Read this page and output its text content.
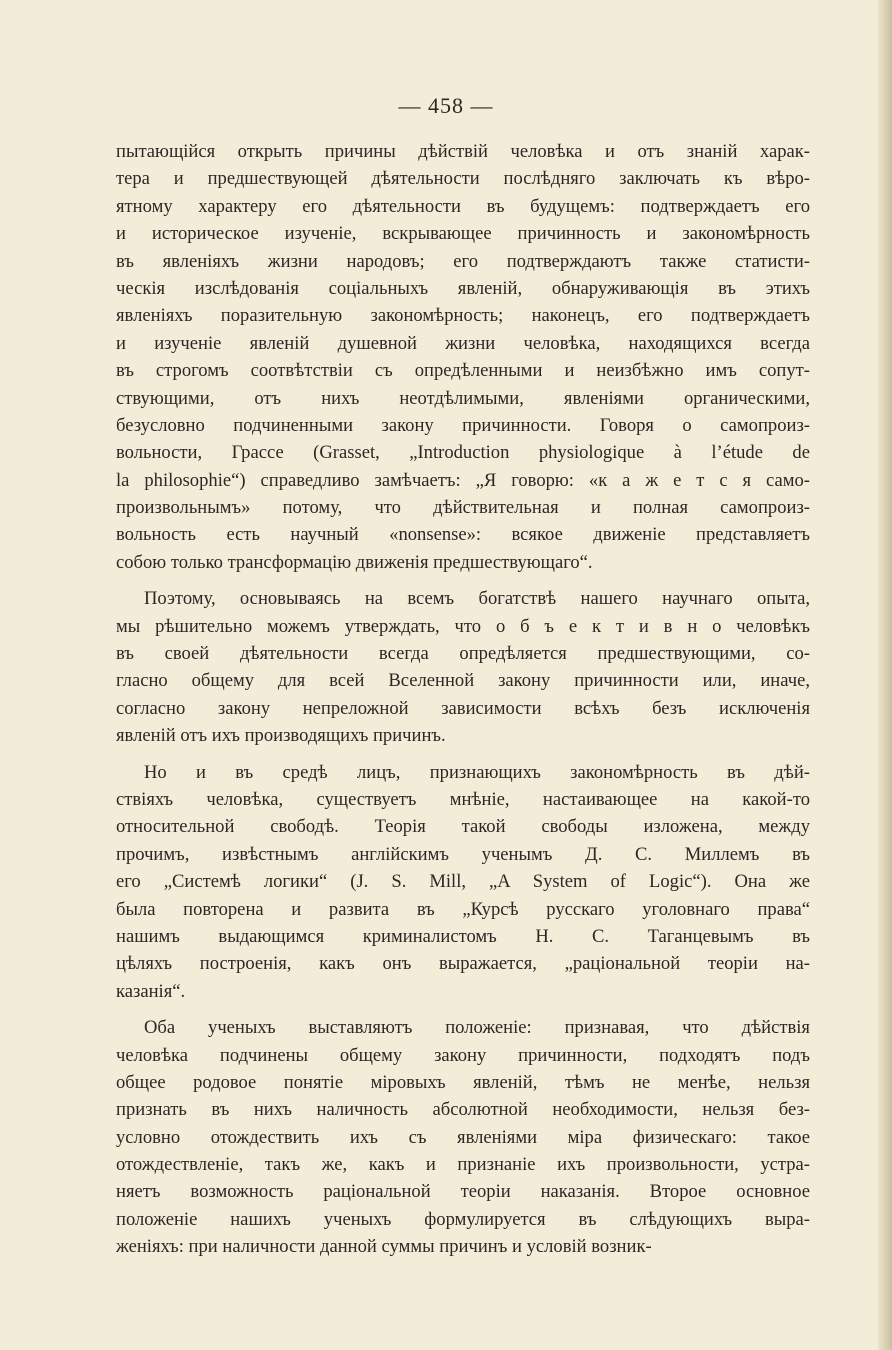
— 458 —
пытающійся открыть причины дѣйствій человѣка и отъ знаній харак-
тера и предшествующей дѣятельности послѣдняго заключать къ вѣро-
ятному характеру его дѣятельности въ будущемъ: подтверждаетъ его
и историческое изученіе, вскрывающее причинность и закономѣрность
въ явленіяхъ жизни народовъ; его подтверждаютъ также статисти-
ческія изслѣдованія соціальныхъ явленій, обнаруживающія въ этихъ
явленіяхъ поразительную закономѣрность; наконецъ, его подтверждаетъ
и изученіе явленій душевной жизни человѣка, находящихся всегда
въ строгомъ соотвѣтствіи съ опредѣленными и неизбѣжно имъ сопут-
ствующими, отъ нихъ неотдѣлимыми, явленіями органическими,
безусловно подчиненными закону причинности. Говоря о самопроиз-
вольности, Грассе (Grasset, „Introduction physiologique à l’étude de
la philosophie“) справедливо замѣчаетъ: „Я говорю: «к а ж е т с я само-
произвольнымъ» потому, что дѣйствительная и полная самопроиз-
вольность есть научный «nonsense»: всякое движеніе представляетъ
собою только трансформацію движенія предшествующаго“.
Поэтому, основываясь на всемъ богатствѣ нашего научнаго опыта,
мы рѣшительно можемъ утверждать, что о б ъ е к т и в н о человѣкъ
въ своей дѣятельности всегда опредѣляется предшествующими, со-
гласно общему для всей Вселенной закону причинности или, иначе,
согласно закону непреложной зависимости всѣхъ безъ исключенія
явленій отъ ихъ производящихъ причинъ.
Но и въ средѣ лицъ, признающихъ закономѣрность въ дѣй-
ствіяхъ человѣка, существуетъ мнѣніе, настаивающее на какой-то
относительной свободѣ. Теорія такой свободы изложена, между
прочимъ, извѣстнымъ англійскимъ ученымъ Д. С. Миллемъ въ
его „Системѣ логики“ (J. S. Mill, „A System of Logic“). Она же
была повторена и развита въ „Курсѣ русскаго уголовнаго права“
нашимъ выдающимся криминалистомъ Н. С. Таганцевымъ въ
цѣляхъ построенія, какъ онъ выражается, „раціональной теоріи на-
казанія“.
Оба ученыхъ выставляютъ положеніе: признавая, что дѣйствія
человѣка подчинены общему закону причинности, подходятъ подъ
общее родовое понятіе міровыхъ явленій, тѣмъ не менѣе, нельзя
признать въ нихъ наличность абсолютной необходимости, нельзя без-
условно отождествить ихъ съ явленіями міра физическаго: такое
отождествленіе, такъ же, какъ и признаніе ихъ произвольности, устра-
няетъ возможность раціональной теоріи наказанія. Второе основное
положеніе нашихъ ученыхъ формулируется въ слѣдующихъ выра-
женіяхъ: при наличности данной суммы причинъ и условій возник-
